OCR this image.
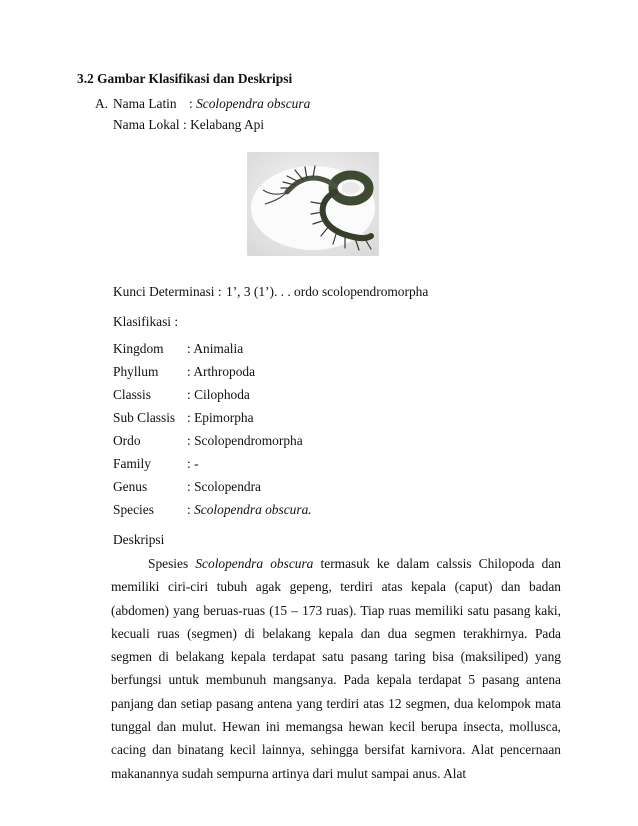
3.2 Gambar Klasifikasi dan Deskripsi
A. Nama Latin : Scolopendra obscura
Nama Lokal : Kelabang Api
Kunci Determinasi : 1’, 3 (1’). . . ordo scolopendromorpha
Klasifikasi :
Kingdom : Animalia
Phyllum : Arthropoda
Classis	: Cilophoda
Sub Classis : Epimorpha
Ordo	: Scolopendromorpha
Family	: -
Genus	: Scolopendra
Species : Scolopendra obscura.
Deskripsi

Spesies Scolopendra obscura termasuk ke dalam calssis Chilopoda dan memiliki ciri-ciri tubuh agak gepeng, terdiri atas kepala (caput) dan badan (abdomen) yang beruas-ruas (15 – 173 ruas). Tiap ruas memiliki satu pasang kaki, kecuali ruas (segmen) di belakang kepala dan dua segmen terakhirnya. Pada segmen di belakang kepala terdapat satu pasang taring bisa (maksiliped) yang berfungsi untuk membunuh mangsanya. Pada kepala terdapat 5 pasang antena panjang dan setiap pasang antena yang terdiri atas 12 segmen, dua kelompok mata tunggal dan mulut. Hewan ini memangsa hewan kecil berupa insecta, mollusca, cacing dan binatang kecil lainnya, sehingga bersifat karnivora. Alat pencernaan makanannya sudah sempurna artinya dari mulut sampai anus. Alat
